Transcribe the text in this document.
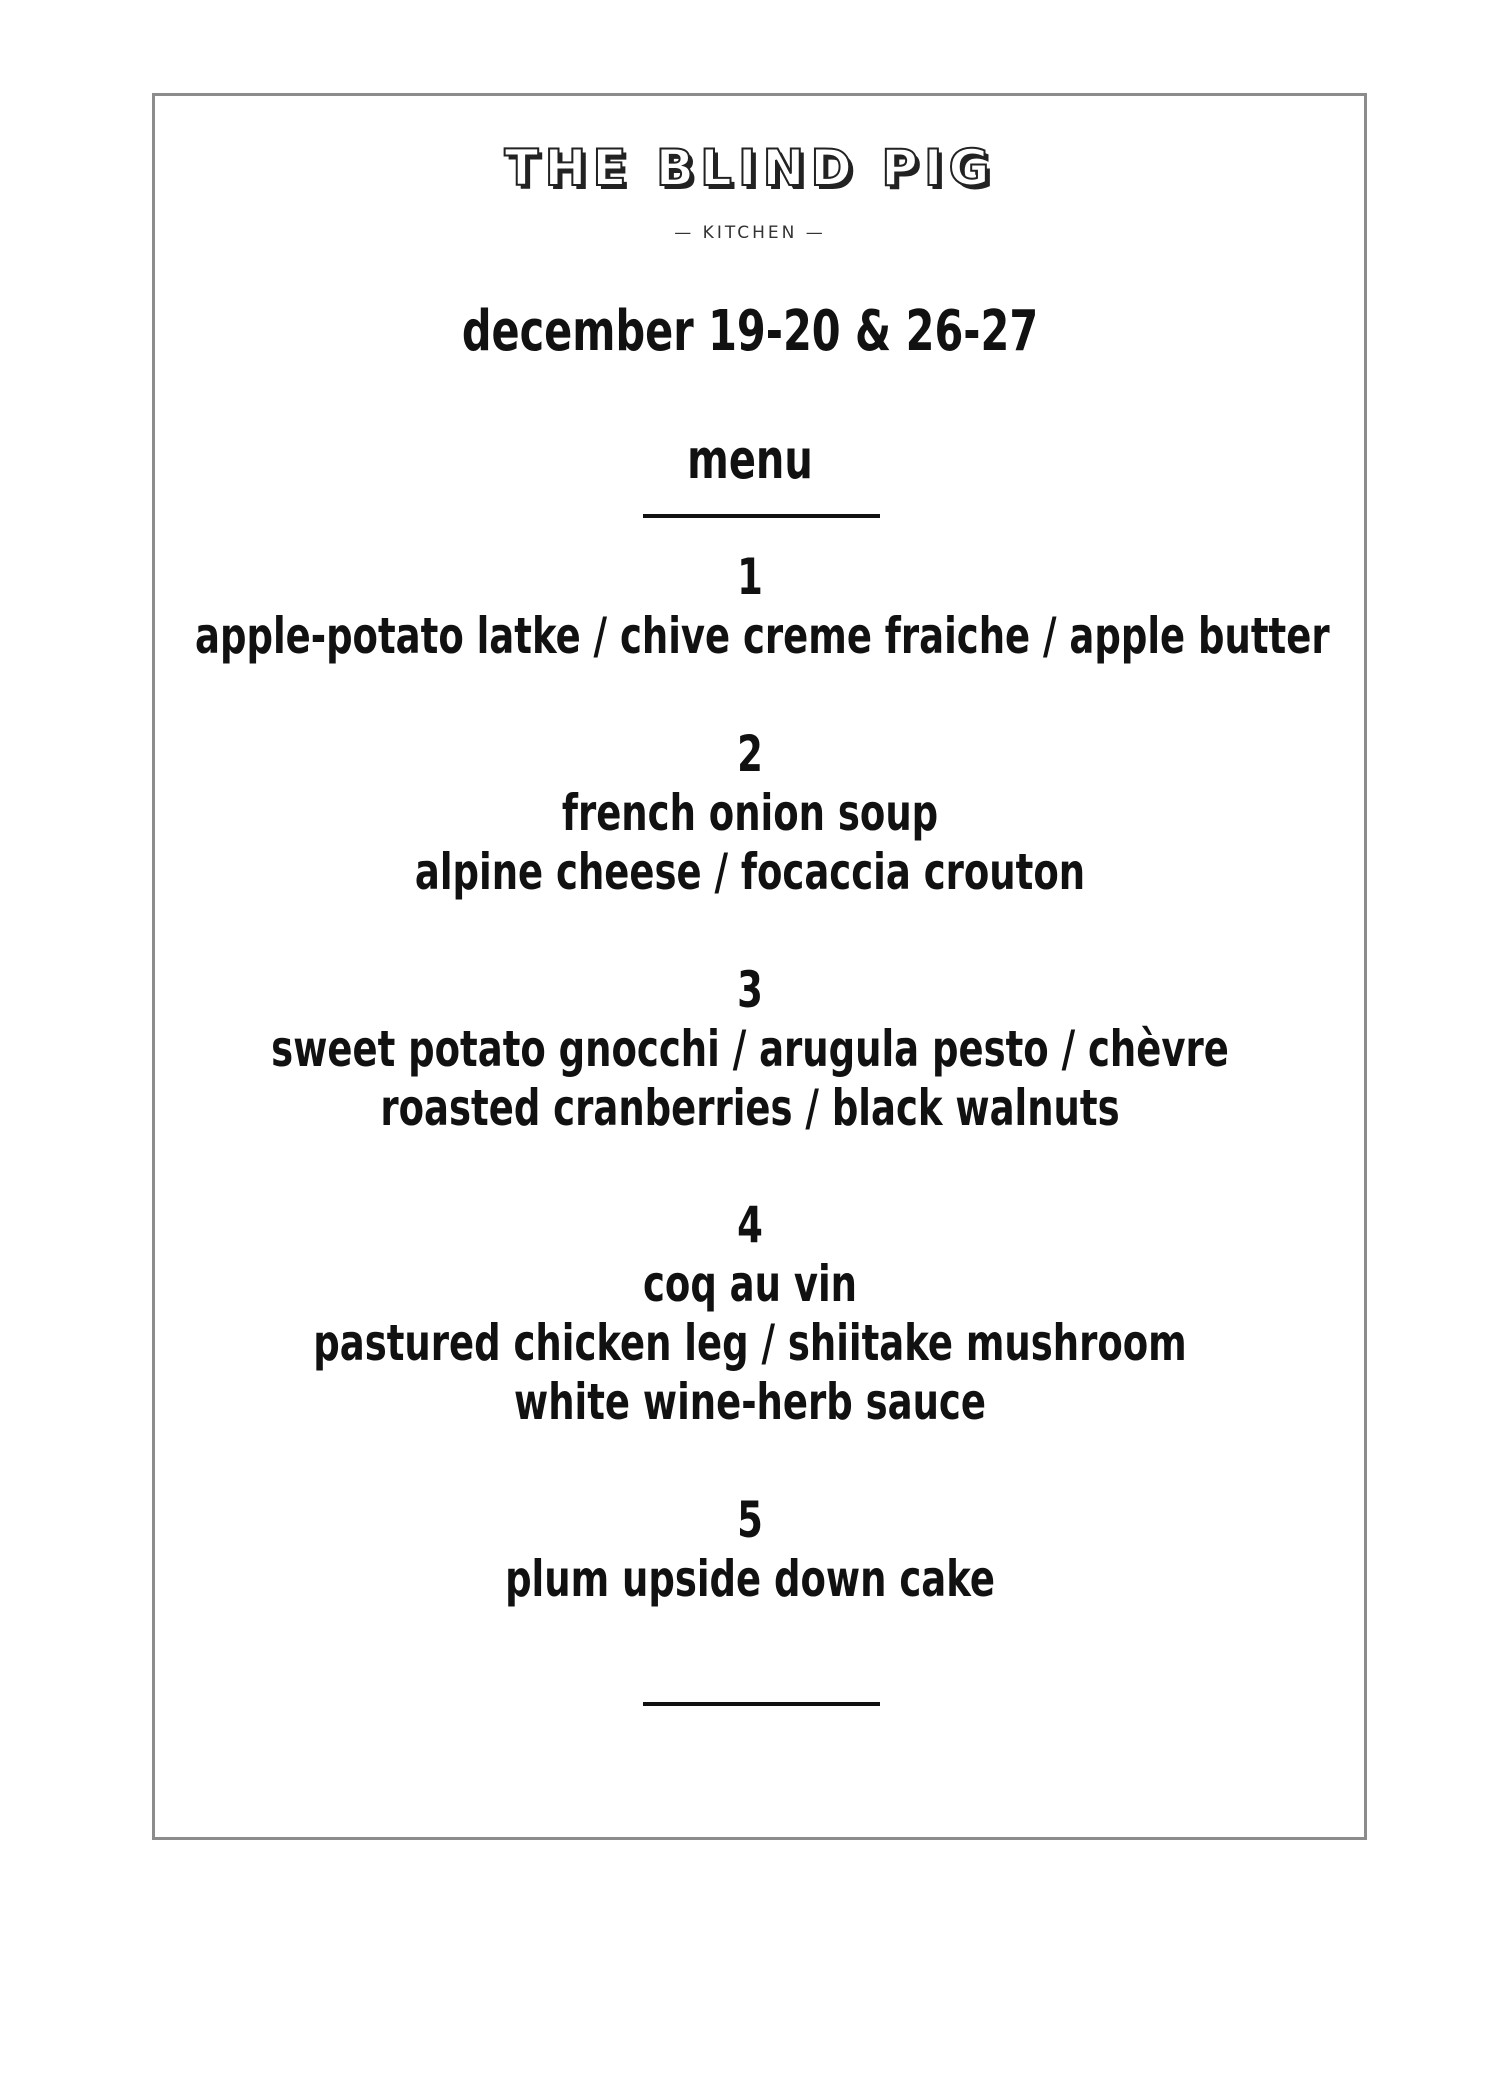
THE BLIND PIG
— KITCHEN —
december 19-20 & 26-27
menu
1
apple-potato latke / chive creme fraiche / apple butter
2
french onion soup
alpine cheese / focaccia crouton
3
sweet potato gnocchi / arugula pesto / chèvre
roasted cranberries / black walnuts
4
coq au vin
pastured chicken leg / shiitake mushroom
white wine-herb sauce
5
plum upside down cake
